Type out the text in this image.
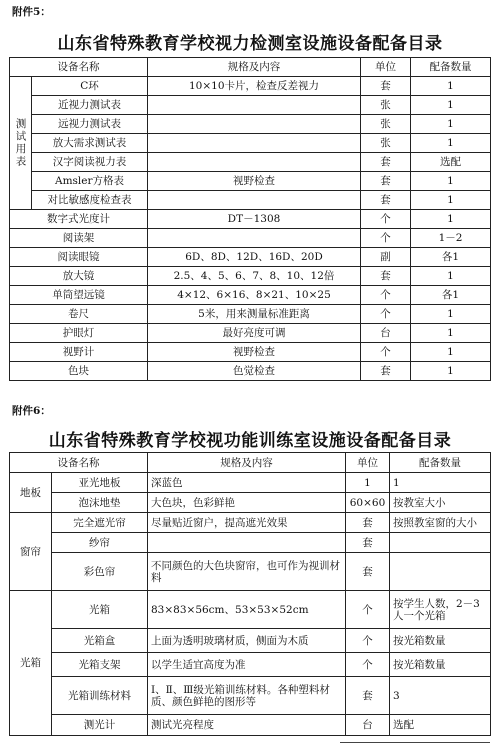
附件5：
山东省特殊教育学校视力检测室设施设备配备目录
设备名称		规格及内容	单位	配备数量
测试用表	C环	10×10卡片，检查反差视力	套	1
	近视力测试表		张	1
	远视力测试表		张	1
	放大需求测试表		张	1
	汉字阅读视力表		套	选配
	Amsler方格表	视野检查	套	1
	对比敏感度检查表		套	1
数字式光度计		DT－1308	个	1
阅读架			个	1－2
阅读眼镜		6D、8D、12D、16D、20D	副	各1
放大镜		2.5、4、5、6、7、8、10、12倍	套	1
单筒望远镜		4×12、6×16、8×21、10×25	个	各1
卷尺		5米，用来测量标准距离	个	1
护眼灯		最好亮度可调	台	1
视野计		视野检查	个	1
色块		色觉检查	套	1
附件6：
山东省特殊教育学校视功能训练室设施设备配备目录
设备名称		规格及内容	单位	配备数量
地板	亚光地板	深蓝色	1	1
	泡沫地垫	大色块，色彩鲜艳	60×60	按教室大小
窗帘	完全遮光帘	尽量贴近窗户，提高遮光效果	套	按照教室窗的大小
	纱帘		套	
	彩色帘	不同颜色的大色块窗帘，也可作为视训材料	套	
光箱	光箱	83×83×56cm、53×53×52cm	个	按学生人数，2－3人一个光箱
	光箱盒	上面为透明玻璃材质，侧面为木质	个	按光箱数量
	光箱支架	以学生适宜高度为准	个	按光箱数量
	光箱训练材料	Ⅰ、Ⅱ、Ⅲ级光箱训练材料。各种塑料材质、颜色鲜艳的图形等	套	3
	测光计	测试光亮程度	台	选配
